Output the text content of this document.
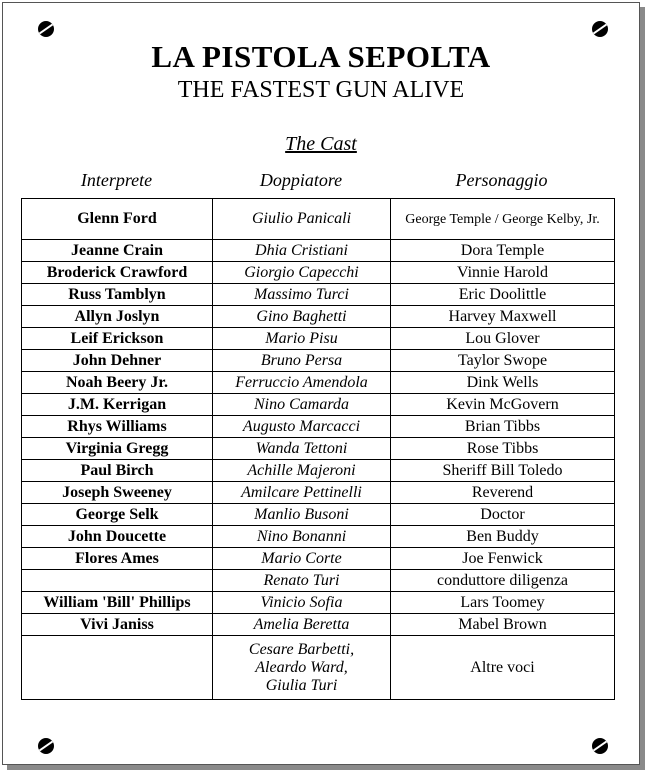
LA PISTOLA SEPOLTA
THE FASTEST GUN ALIVE
The Cast
Interprete	Doppiatore	Personaggio
Glenn Ford	Giulio Panicali	George Temple / George Kelby, Jr.
Jeanne Crain	Dhia Cristiani	Dora Temple
Broderick Crawford	Giorgio Capecchi	Vinnie Harold
Russ Tamblyn	Massimo Turci	Eric Doolittle
Allyn Joslyn	Gino Baghetti	Harvey Maxwell
Leif Erickson	Mario Pisu	Lou Glover
John Dehner	Bruno Persa	Taylor Swope
Noah Beery Jr.	Ferruccio Amendola	Dink Wells
J.M. Kerrigan	Nino Camarda	Kevin McGovern
Rhys Williams	Augusto Marcacci	Brian Tibbs
Virginia Gregg	Wanda Tettoni	Rose Tibbs
Paul Birch	Achille Majeroni	Sheriff Bill Toledo
Joseph Sweeney	Amilcare Pettinelli	Reverend
George Selk	Manlio Busoni	Doctor
John Doucette	Nino Bonanni	Ben Buddy
Flores Ames	Mario Corte	Joe Fenwick
	Renato Turi	conduttore diligenza
William 'Bill' Phillips	Vinicio Sofia	Lars Toomey
Vivi Janiss	Amelia Beretta	Mabel Brown
	Cesare Barbetti, Aleardo Ward, Giulia Turi	Altre voci
